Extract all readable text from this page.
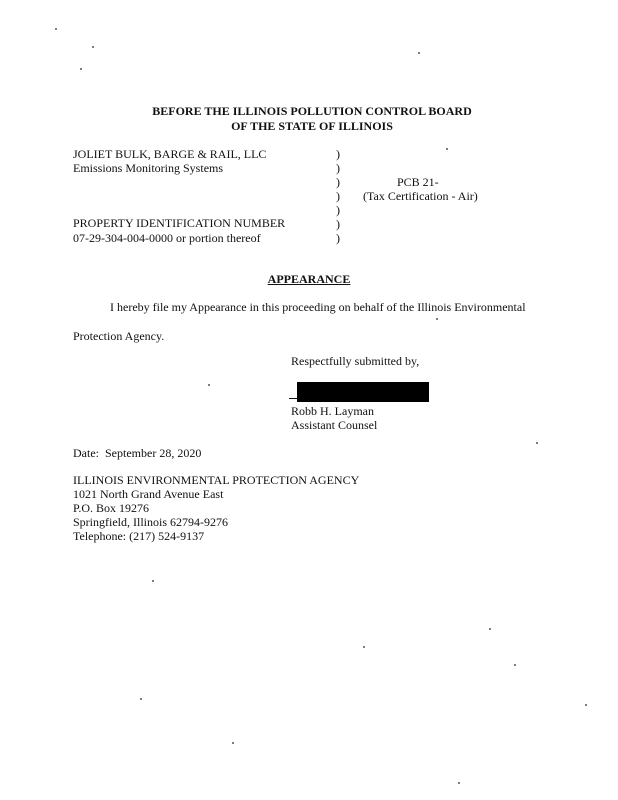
BEFORE THE ILLINOIS POLLUTION CONTROL BOARD
OF THE STATE OF ILLINOIS
JOLIET BULK, BARGE & RAIL, LLC
Emissions Monitoring Systems
PROPERTY IDENTIFICATION NUMBER
07-29-304-004-0000 or portion thereof
)
)
)
)
)
)
)
PCB 21-
(Tax Certification - Air)
APPEARANCE
I hereby file my Appearance in this proceeding on behalf of the Illinois Environmental
Protection Agency.
Respectfully submitted by,
Robb H. Layman
Assistant Counsel
Date: September 28, 2020
ILLINOIS ENVIRONMENTAL PROTECTION AGENCY
1021 North Grand Avenue East
P.O. Box 19276
Springfield, Illinois 62794-9276
Telephone: (217) 524-9137
